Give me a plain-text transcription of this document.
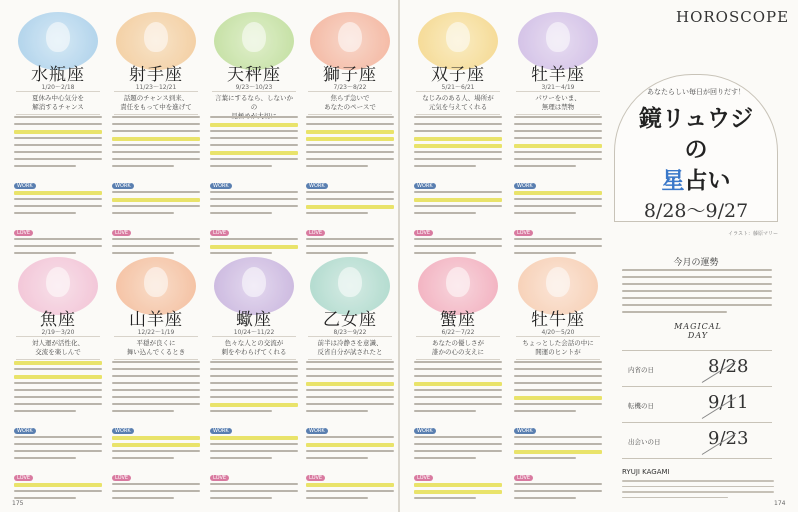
水瓶座
1/20〜2/18
夏休み中心気分を
解消するチャンス
WORK
LOVE
射手座
11/23〜12/21
話題のチャンス到来、
責任をもって中を進げて
WORK
LOVE
天秤座
9/23〜10/23
言葉にするなら、しないかの

WORK
LOVE
獅子座
7/23〜8/22
焦らず急いで
あなたのペースで
WORK
LOVE
双子座
5/21〜6/21
なじみのある人、場所が
元気を与えてくれる
WORK
LOVE
牡羊座
3/21〜4/19
パワーをいま、
無理は禁物
WORK
LOVE
魚座
2/19〜3/20
対人運が活性化、
交流を楽しんで
WORK
LOVE
山羊座
12/22〜1/19
平穏が良くに
舞い込んでくるとき
WORK
LOVE
蠍座
10/24〜11/22
色々な人との交流が
刺をやわらげてくれる
WORK
LOVE
乙女座
8/23〜9/22
前半は冷静さを意識、
反省自分が試されたと
WORK
LOVE
蟹座
6/22〜7/22
あなたの優しさが
誰かの心の支えに
WORK
LOVE
牡牛座
4/20〜5/20
ちょっとした会話の中に
開運のヒントが
WORK
LOVE
HOROSCOPE
あなたらしい毎日が回りだす！
鏡リュウジ
の
星占い
8/28〜9/27
イラスト：藤原マリー
今月の運勢
MAGICAL
DAY
内省の日	8/28
転機の日	9/11
出会いの日	9/23
RYUJI KAGAMI
175	174
